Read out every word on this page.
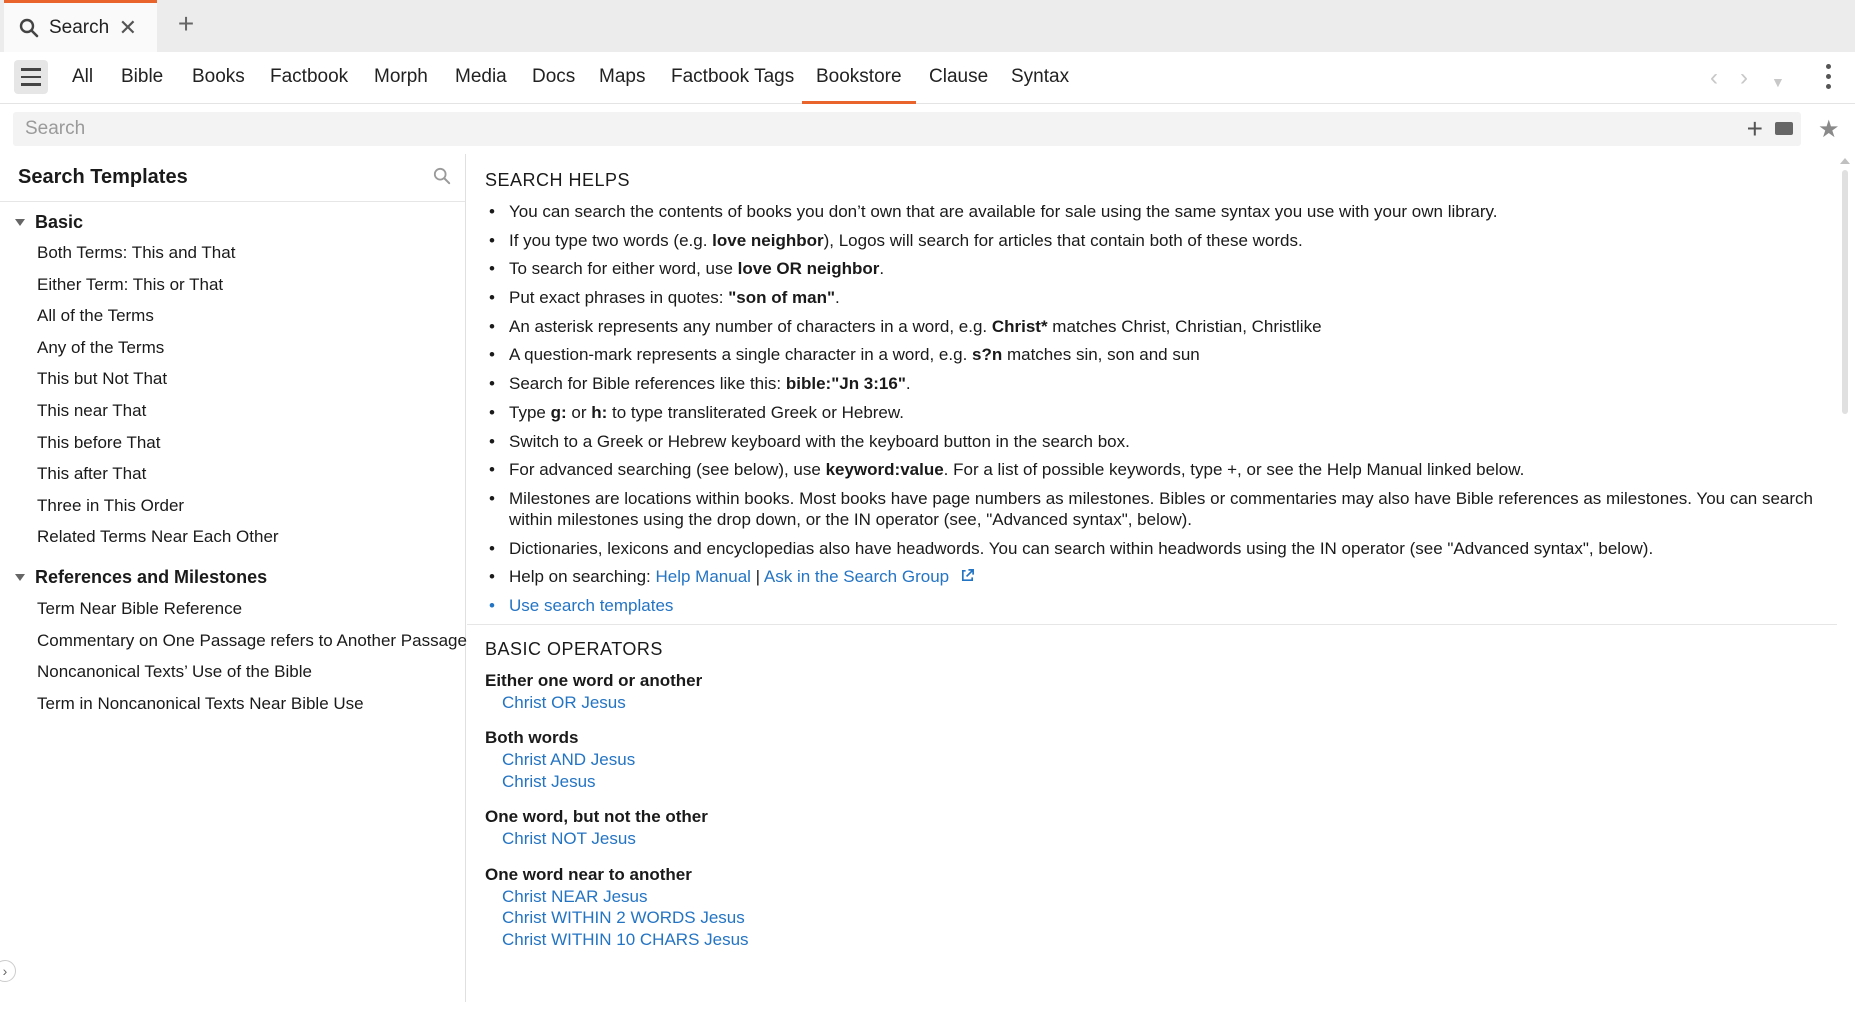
Search ✕ +
All Bible Books Factbook Morph Media Docs Maps Factbook Tags	Bookstore	Clause Syntax	‹ › ▼
Search
+ ★
Search Templates
Basic
Both Terms: This and That
Either Term: This or That
All of the Terms
Any of the Terms
This but Not That
This near That
This before That
This after That
Three in This Order
Related Terms Near Each Other
References and Milestones
Term Near Bible Reference
Commentary on One Passage refers to Another Passage
Noncanonical Texts’ Use of the Bible
Term in Noncanonical Texts Near Bible Use
›
SEARCH HELPS
• You can search the contents of books you don’t own that are available for sale using the same syntax you use with your own library.
• If you type two words (e.g. love neighbor), Logos will search for articles that contain both of these words.
• To search for either word, use love OR neighbor.
• Put exact phrases in quotes: "son of man".
• An asterisk represents any number of characters in a word, e.g. Christ* matches Christ, Christian, Christlike
• A question-mark represents a single character in a word, e.g. s?n matches sin, son and sun
• Search for Bible references like this: bible:"Jn 3:16".
• Type g: or h: to type transliterated Greek or Hebrew.
• Switch to a Greek or Hebrew keyboard with the keyboard button in the search box.
• For advanced searching (see below), use keyword:value. For a list of possible keywords, type +, or see the Help Manual linked below.
• Milestones are locations within books. Most books have page numbers as milestones. Bibles or commentaries may also have Bible references as milestones. You can search within milestones using the drop down, or the IN operator (see, "Advanced syntax", below).
• Dictionaries, lexicons and encyclopedias also have headwords. You can search within headwords using the IN operator (see "Advanced syntax", below).
• Help on searching: Help Manual | Ask in the Search Group
• Use search templates
BASIC OPERATORS
Either one word or another
Christ OR Jesus
Both words
Christ AND Jesus
Christ Jesus
One word, but not the other
Christ NOT Jesus
One word near to another
Christ NEAR Jesus
Christ WITHIN 2 WORDS Jesus
Christ WITHIN 10 CHARS Jesus
